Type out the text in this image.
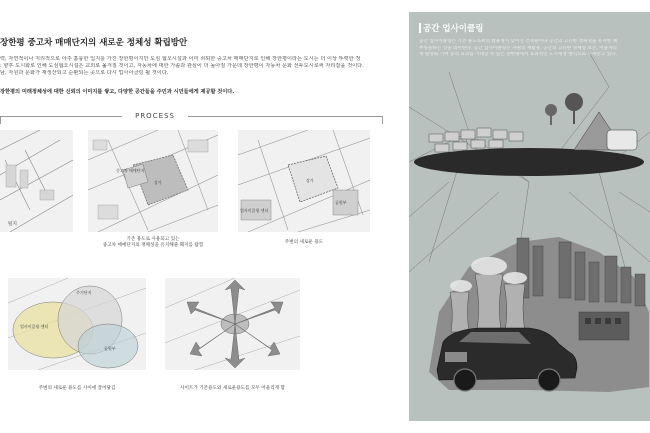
장한평 중고차 매매단지의 새로운 정체성 확립방안
력, 자연적이나 지리적으로 아주 훌륭한 입지를 가진 장한평이지만 도심 혐오시설과 이미 쇠퇴한 중고차 매매단지로 인해 장한평이라는 도시는 더 이상 뚜렷한 정
: 향후 도시화로 인해 도심혐오시설은 교외로 옮겨질 것이고, 자동차에 대한 가솔과 관심이 더 높아질 가운데 장한평이 자동차 문화 선두도시로써 자리잡을 것이다.
남, 자원과 문화가 재생산되고 순환되는 곳으로 다시 업사이클링 될 것이다.
장한평의 미래정체성에 대한 신뢰의 이미지를 쌓고, 다양한 공간들을 주민과 시민들에게 제공할 것이다.
PROCESS
털지
중고차 매매단지
상가
기존 용도로 사용되고 있는
중고차 매매단지의 정체성을 유지해줄 훼지를 탐험
상가
업사이클링 센터
공원부
주변의 새로운 용도
주거단지
업사이클링 센터
공원부
주변의 새로운 용도를 사이에 끌어당김	사이트가 기존용도와 새로운용도를 모두 어울리게 함
공간 업사이클링
공간 업사이클링은 기존 용도로써의 활용성이 낮아진 건축물이나 공간의 고유한 정체성을 유지한 채
부팅물하는 것을 의미한다. 공간 업사이클링은 자원의 재활용, 공간의 고유한 정체성 보존, 이용자의
계 활성화 기여 등의 효과를 기대할 수 있는 장한평에서 효과적인 도시재생 방식으로 주목받고 있다.
